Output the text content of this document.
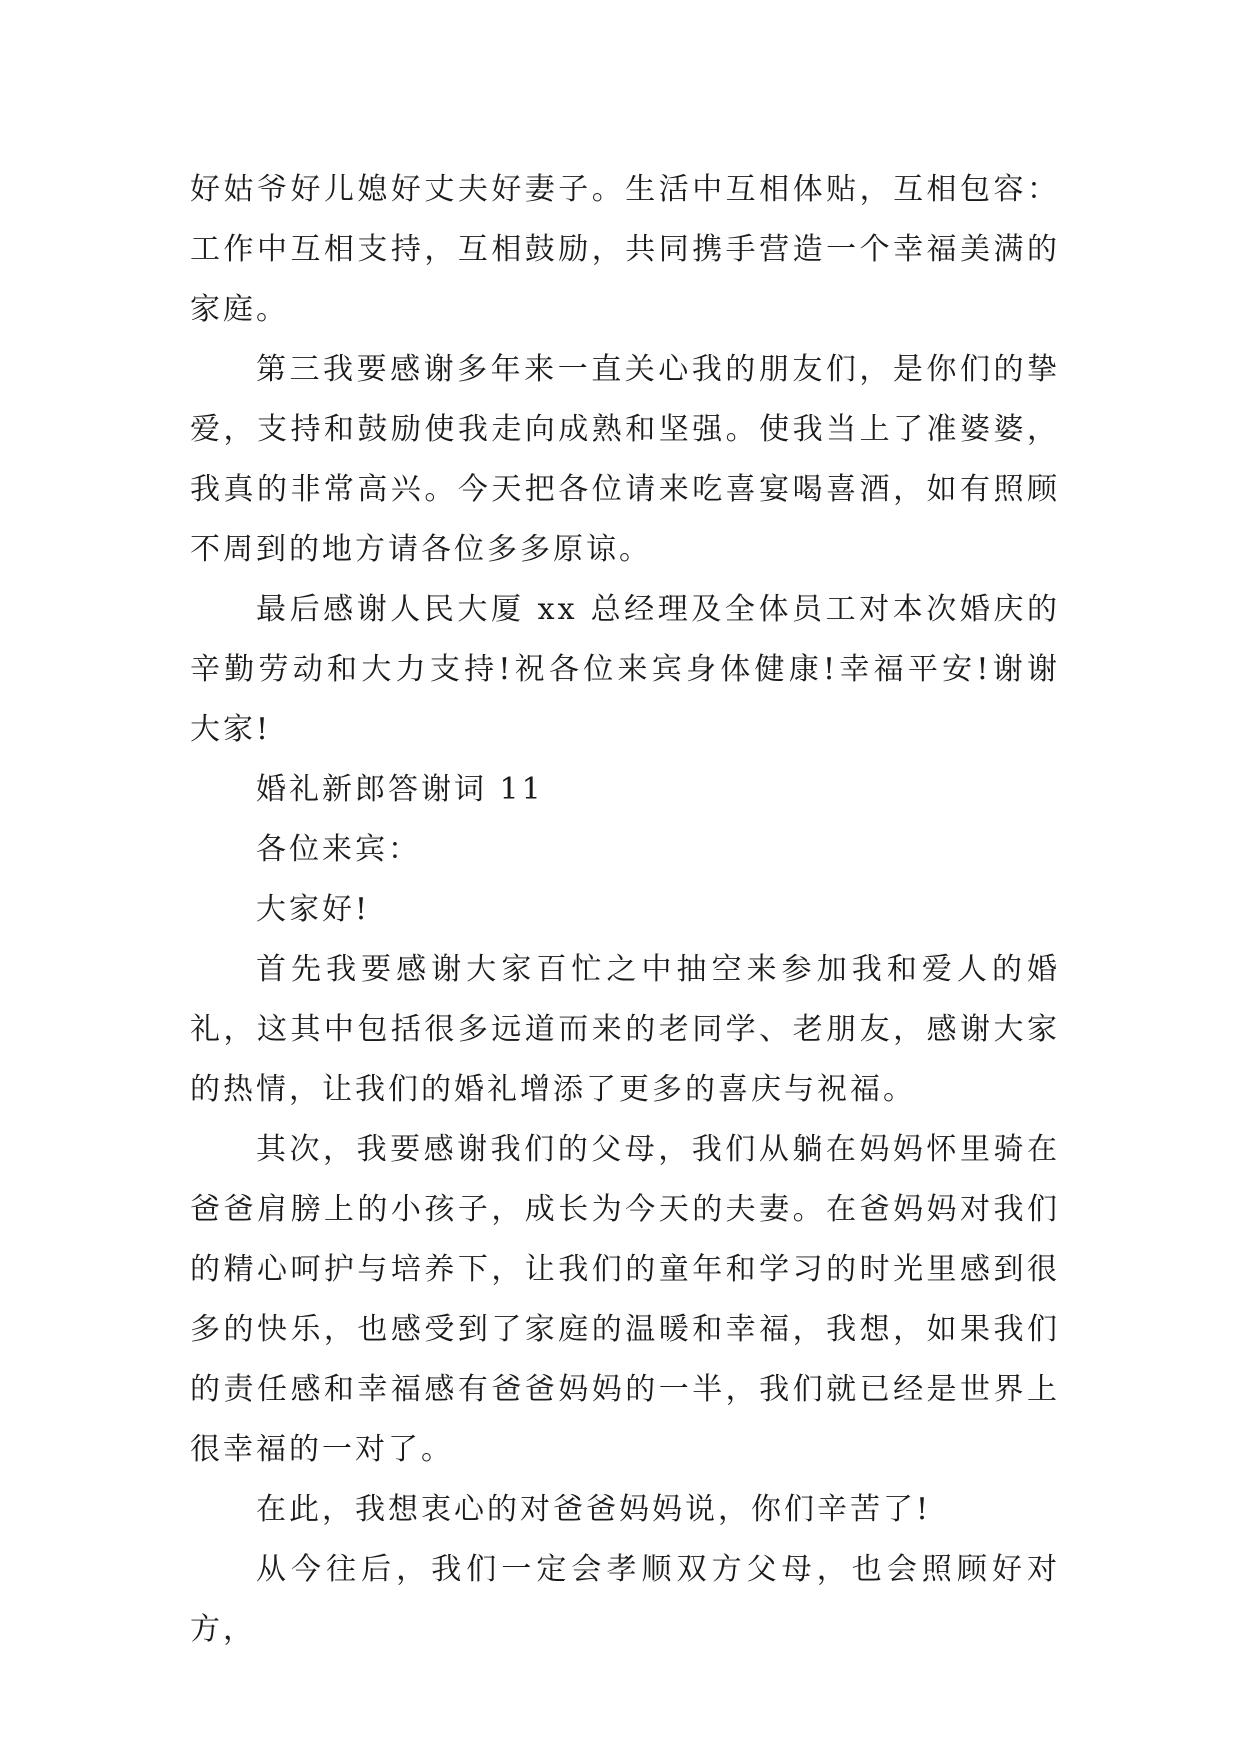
好姑爷好儿媳好丈夫好妻子。生活中互相体贴，互相包容：工作中互相支持，互相鼓励，共同携手营造一个幸福美满的家庭。

第三我要感谢多年来一直关心我的朋友们，是你们的挚爱，支持和鼓励使我走向成熟和坚强。使我当上了准婆婆，我真的非常高兴。今天把各位请来吃喜宴喝喜酒，如有照顾不周到的地方请各位多多原谅。

最后感谢人民大厦 xx 总经理及全体员工对本次婚庆的辛勤劳动和大力支持!祝各位来宾身体健康!幸福平安!谢谢大家!

婚礼新郎答谢词 11

各位来宾：

大家好!

首先我要感谢大家百忙之中抽空来参加我和爱人的婚礼，这其中包括很多远道而来的老同学、老朋友，感谢大家的热情，让我们的婚礼增添了更多的喜庆与祝福。

其次，我要感谢我们的父母，我们从躺在妈妈怀里骑在爸爸肩膀上的小孩子，成长为今天的夫妻。在爸妈妈对我们的精心呵护与培养下，让我们的童年和学习的时光里感到很多的快乐，也感受到了家庭的温暖和幸福，我想，如果我们的责任感和幸福感有爸爸妈妈的一半，我们就已经是世界上很幸福的一对了。

在此，我想衷心的对爸爸妈妈说，你们辛苦了!

从今往后，我们一定会孝顺双方父母，也会照顾好对方，
